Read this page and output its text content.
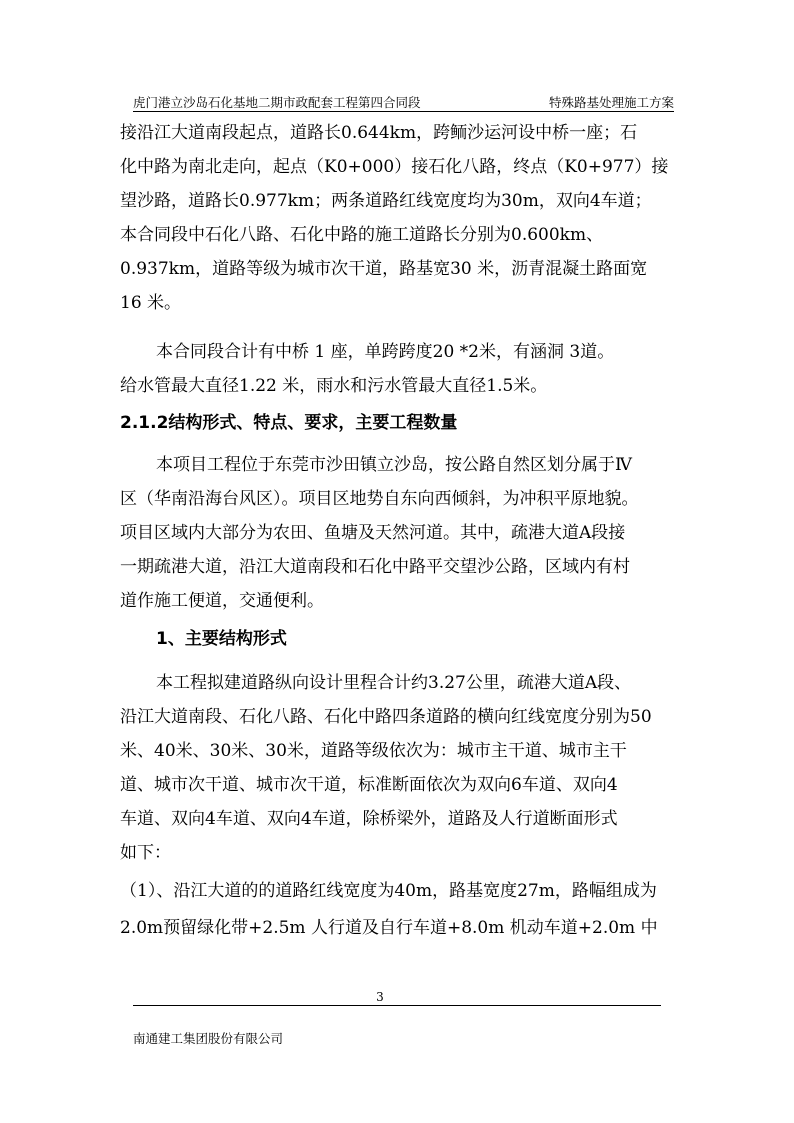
虎门港立沙岛石化基地二期市政配套工程第四合同段	特殊路基处理施工方案
接沿江大道南段起点，道路长0.644km，跨鲕沙运河设中桥一座；石
化中路为南北走向，起点（K0+000）接石化八路，终点（K0+977）接
望沙路，道路长0.977km；两条道路红线宽度均为30m，双向4车道；
本合同段中石化八路、石化中路的施工道路长分别为0.600km、
0.937km，道路等级为城市次干道，路基宽30 米，沥青混凝土路面宽
16 米。
本合同段合计有中桥 1 座，单跨跨度20 *2米，有涵洞 3道。
给水管最大直径1.22 米，雨水和污水管最大直径1.5米。
2.1.2结构形式、特点、要求，主要工程数量
本项目工程位于东莞市沙田镇立沙岛，按公路自然区划分属于Ⅳ
区（华南沿海台风区）。项目区地势自东向西倾斜，为冲积平原地貌。
项目区域内大部分为农田、鱼塘及天然河道。其中，疏港大道A段接
一期疏港大道，沿江大道南段和石化中路平交望沙公路，区域内有村
道作施工便道，交通便利。
1、主要结构形式
本工程拟建道路纵向设计里程合计约3.27公里，疏港大道A段、
沿江大道南段、石化八路、石化中路四条道路的横向红线宽度分别为50
米、40米、30米、30米，道路等级依次为：城市主干道、城市主干
道、城市次干道、城市次干道，标准断面依次为双向6车道、双向4
车道、双向4车道、双向4车道，除桥梁外，道路及人行道断面形式
如下：
（1）、沿江大道的的道路红线宽度为40m，路基宽度27m，路幅组成为
2.0m预留绿化带+2.5m 人行道及自行车道+8.0m 机动车道+2.0m 中
3
南通建工集团股份有限公司
